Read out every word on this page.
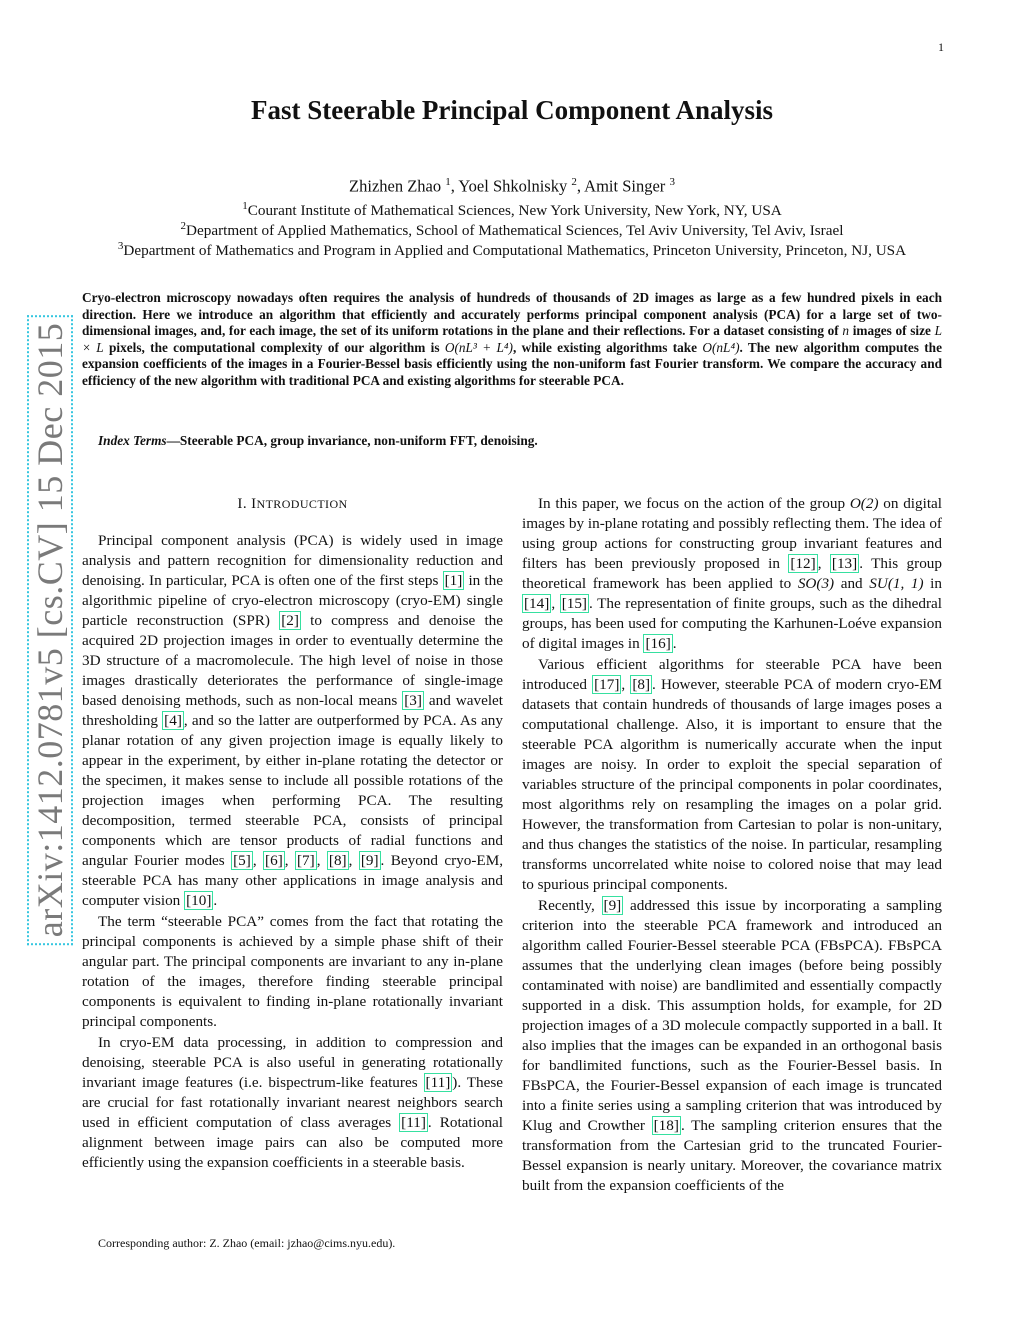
1
arXiv:1412.0781v5 [cs.CV] 15 Dec 2015
Fast Steerable Principal Component Analysis
Zhizhen Zhao $^1$, Yoel Shkolnisky $^2$, Amit Singer $^3$
$^1$Courant Institute of Mathematical Sciences, New York University, New York, NY, USA
$^2$Department of Applied Mathematics, School of Mathematical Sciences, Tel Aviv University, Tel Aviv, Israel
$^3$Department of Mathematics and Program in Applied and Computational Mathematics, Princeton University, Princeton, NJ, USA
Cryo-electron microscopy nowadays often requires the analysis of hundreds of thousands of 2D images as large as a few hundred pixels in each direction. Here we introduce an algorithm that efficiently and accurately performs principal component analysis (PCA) for a large set of two-dimensional images, and, for each image, the set of its uniform rotations in the plane and their reflections. For a dataset consisting of n images of size L × L pixels, the computational complexity of our algorithm is O(nL³ + L⁴), while existing algorithms take O(nL⁴). The new algorithm computes the expansion coefficients of the images in a Fourier-Bessel basis efficiently using the non-uniform fast Fourier transform. We compare the accuracy and efficiency of the new algorithm with traditional PCA and existing algorithms for steerable PCA.
Index Terms—Steerable PCA, group invariance, non-uniform FFT, denoising.
I. INTRODUCTION

Principal component analysis (PCA) is widely used in image analysis and pattern recognition for dimensionality reduction and denoising. In particular, PCA is often one of the first steps [1] in the algorithmic pipeline of cryo-electron microscopy (cryo-EM) single particle reconstruction (SPR) [2] to compress and denoise the acquired 2D projection images in order to eventually determine the 3D structure of a macromolecule. The high level of noise in those images drastically deteriorates the performance of single-image based denoising methods, such as non-local means [3] and wavelet thresholding [4] , and so the latter are outperformed by PCA. As any planar rotation of any given projection image is equally likely to appear in the experiment, by either in-plane rotating the detector or the specimen, it makes sense to include all possible rotations of the projection images when performing PCA. The resulting decomposition, termed steerable PCA, consists of principal components which are tensor products of radial functions and angular Fourier modes [5] , [6] , [7] , [8] , [9] . Beyond cryo-EM, steerable PCA has many other applications in image analysis and computer vision [10] .

The term “steerable PCA” comes from the fact that rotating the principal components is achieved by a simple phase shift of their angular part. The principal components are invariant to any in-plane rotation of the images, therefore finding steerable principal components is equivalent to finding in-plane rotationally invariant principal components.

In cryo-EM data processing, in addition to compression and denoising, steerable PCA is also useful in generating rotationally invariant image features (i.e. bispectrum-like features [11] ). These are crucial for fast rotationally invariant nearest neighbors search used in efficient computation of class averages [11] . Rotational alignment between image pairs can also be computed more efficiently using the expansion coefficients in a steerable basis.

In this paper, we focus on the action of the group O(2) on digital images by in-plane rotating and possibly reflecting them. The idea of using group actions for constructing group invariant features and filters has been previously proposed in [12] , [13] . This group theoretical framework has been applied to SO(3) and SU(1, 1) in [14] , [15] . The representation of finite groups, such as the dihedral groups, has been used for computing the Karhunen-Loéve expansion of digital images in [16] .

Various efficient algorithms for steerable PCA have been introduced [17] , [8] . However, steerable PCA of modern cryo-EM datasets that contain hundreds of thousands of large images poses a computational challenge. Also, it is important to ensure that the steerable PCA algorithm is numerically accurate when the input images are noisy. In order to exploit the special separation of variables structure of the principal components in polar coordinates, most algorithms rely on resampling the images on a polar grid. However, the transformation from Cartesian to polar is non-unitary, and thus changes the statistics of the noise. In particular, resampling transforms uncorrelated white noise to colored noise that may lead to spurious principal components.

Recently, [9] addressed this issue by incorporating a sampling criterion into the steerable PCA framework and introduced an algorithm called Fourier-Bessel steerable PCA (FBsPCA). FBsPCA assumes that the underlying clean images (before being possibly contaminated with noise) are bandlimited and essentially compactly supported in a disk. This assumption holds, for example, for 2D projection images of a 3D molecule compactly supported in a ball. It also implies that the images can be expanded in an orthogonal basis for bandlimited functions, such as the Fourier-Bessel basis. In FBsPCA, the Fourier-Bessel expansion of each image is truncated into a finite series using a sampling criterion that was introduced by Klug and Crowther [18] . The sampling criterion ensures that the transformation from the Cartesian grid to the truncated Fourier-Bessel expansion is nearly unitary. Moreover, the covariance matrix built from the expansion coefficients of the

Corresponding author: Z. Zhao (email: jzhao@cims.nyu.edu).
